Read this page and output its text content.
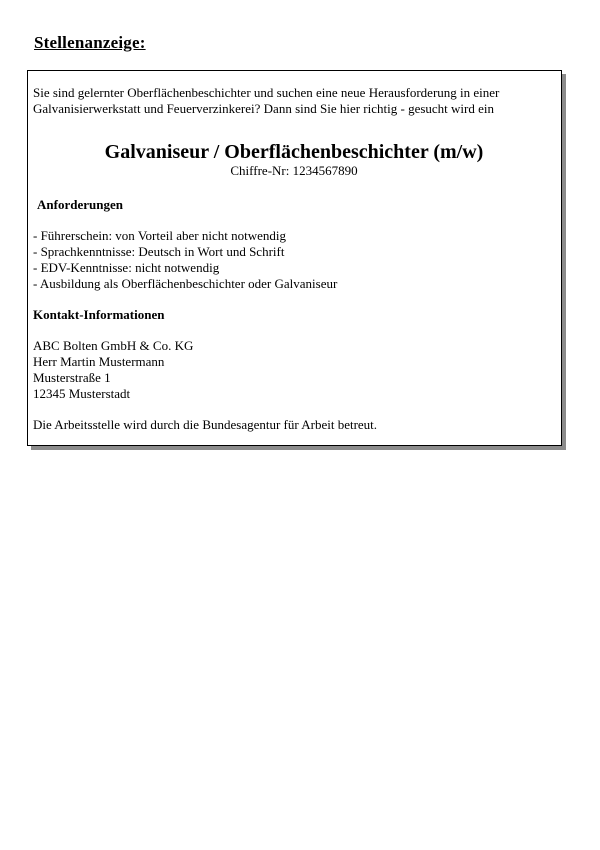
Stellenanzeige:

Sie sind gelernter Oberflächenbeschichter und suchen eine neue Herausforderung in einer Galvanisierwerkstatt und Feuerverzinkerei? Dann sind Sie hier richtig - gesucht wird ein

Galvaniseur / Oberflächenbeschichter (m/w)

Chiffre-Nr: 1234567890

Anforderungen

- Führerschein: von Vorteil aber nicht notwendig
- Sprachkenntnisse: Deutsch in Wort und Schrift
- EDV-Kenntnisse: nicht notwendig
- Ausbildung als Oberflächenbeschichter oder Galvaniseur

Kontakt-Informationen

ABC Bolten GmbH & Co. KG
Herr Martin Mustermann
Musterstraße 1
12345 Musterstadt

Die Arbeitsstelle wird durch die Bundesagentur für Arbeit betreut.
